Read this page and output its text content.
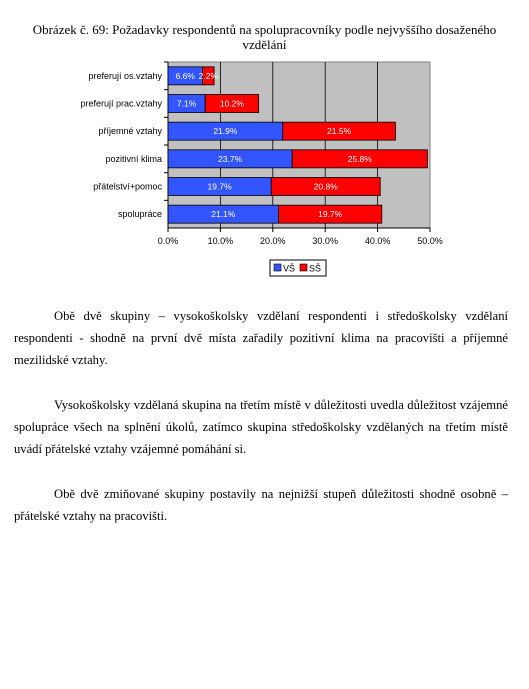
Obrázek č. 69: Požadavky respondentů na spolupracovníky podle nejvyššího dosaženého vzdělání
0.0%	10.0%	20.0%	30.0%	40.0%	50.0%
preferují os.vztahy 6.6% 2.2%
preferují prac.vztahy 7.1%	10.2%
příjemné vztahy	21.9%	21.5%
pozitivní klima	23.7%	25.8%
přátelství+pomoc	19.7%	20.8%
spolupráce	21.1%	19.7%
VŠ SŠ

Obě dvě skupiny – vysokoškolsky vzdělaní respondenti i středoškolsky vzdělaní respondenti - shodně na první dvě místa zařadily pozitivní klima na pracovišti a příjemné mezilidské vztahy.

Vysokoškolsky vzdělaná skupina na třetím místě v důležitosti uvedla důležitost vzájemné spolupráce všech na splnění úkolů, zatímco skupina středoškolsky vzdělaných na třetím místě uvádí přátelské vztahy vzájemné pomáhání si.

Obě dvě zmiňované skupiny postavily na nejnižší stupeň důležitosti shodně osobně – přátelské vztahy na pracovišti.
